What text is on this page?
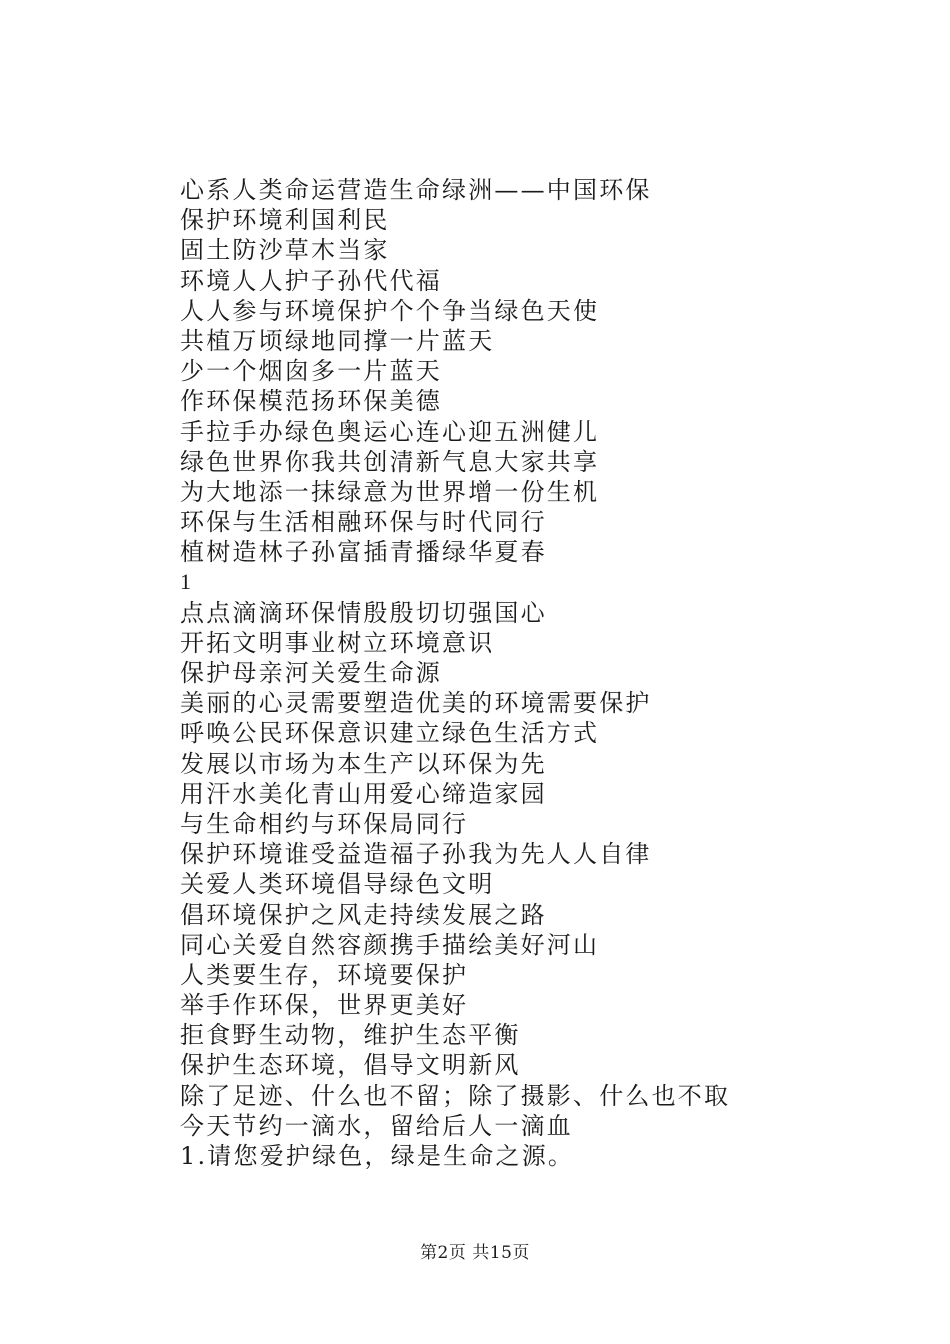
心系人类命运营造生命绿洲——中国环保

保护环境利国利民

固土防沙草木当家

环境人人护子孙代代福

人人参与环境保护个个争当绿色天使

共植万顷绿地同撑一片蓝天

少一个烟囱多一片蓝天

作环保模范扬环保美德

手拉手办绿色奥运心连心迎五洲健儿

绿色世界你我共创清新气息大家共享

为大地添一抹绿意为世界增一份生机

环保与生活相融环保与时代同行

植树造林子孙富插青播绿华夏春

1

点点滴滴环保情殷殷切切强国心

开拓文明事业树立环境意识

保护母亲河关爱生命源

美丽的心灵需要塑造优美的环境需要保护

呼唤公民环保意识建立绿色生活方式

发展以市场为本生产以环保为先

用汗水美化青山用爱心缔造家园

与生命相约与环保局同行

保护环境谁受益造福子孙我为先人人自律

关爱人类环境倡导绿色文明

倡环境保护之风走持续发展之路

同心关爱自然容颜携手描绘美好河山

人类要生存，环境要保护

举手作环保，世界更美好

拒食野生动物，维护生态平衡

保护生态环境，倡导文明新风

除了足迹、什么也不留；除了摄影、什么也不取

今天节约一滴水，留给后人一滴血

1.请您爱护绿色，绿是生命之源。

第2页 共15页
